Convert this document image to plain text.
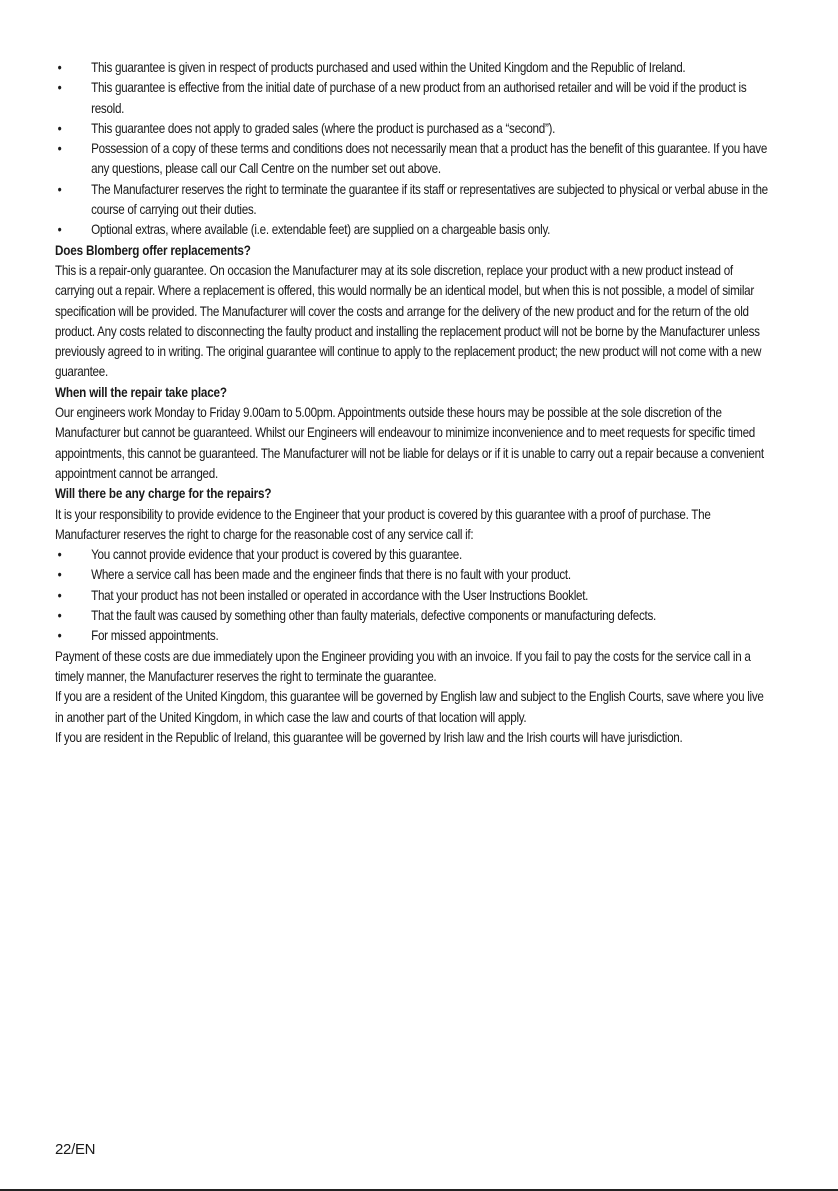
• This guarantee is given in respect of products purchased and used within the United Kingdom and the Republic of Ireland.
• This guarantee is effective from the initial date of purchase of a new product from an authorised retailer and will be void if the product is resold.
• This guarantee does not apply to graded sales (where the product is purchased as a “second”).
• Possession of a copy of these terms and conditions does not necessarily mean that a product has the benefit of this guarantee. If you have any questions, please call our Call Centre on the number set out above.
• The Manufacturer reserves the right to terminate the guarantee if its staff or representatives are subjected to physical or verbal abuse in the course of carrying out their duties.
• Optional extras, where available (i.e. extendable feet) are supplied on a chargeable basis only.
Does Blomberg offer replacements?

This is a repair-only guarantee. On occasion the Manufacturer may at its sole discretion, replace your product with a new product instead of carrying out a repair. Where a replacement is offered, this would normally be an identical model, but when this is not possible, a model of similar specification will be provided. The Manufacturer will cover the costs and arrange for the delivery of the new product and for the return of the old product. Any costs related to disconnecting the faulty product and installing the replacement product will not be borne by the Manufacturer unless previously agreed to in writing. The original guarantee will continue to apply to the replacement product; the new product will not come with a new guarantee.

When will the repair take place?

Our engineers work Monday to Friday 9.00am to 5.00pm. Appointments outside these hours may be possible at the sole discretion of the Manufacturer but cannot be guaranteed. Whilst our Engineers will endeavour to minimize inconvenience and to meet requests for specific timed appointments, this cannot be guaranteed. The Manufacturer will not be liable for delays or if it is unable to carry out a repair because a convenient appointment cannot be arranged.

Will there be any charge for the repairs?

It is your responsibility to provide evidence to the Engineer that your product is covered by this guarantee with a proof of purchase. The Manufacturer reserves the right to charge for the reasonable cost of any service call if:

• You cannot provide evidence that your product is covered by this guarantee.
• Where a service call has been made and the engineer finds that there is no fault with your product.
• That your product has not been installed or operated in accordance with the User Instructions Booklet.
• That the fault was caused by something other than faulty materials, defective components or manufacturing defects.
• For missed appointments.

Payment of these costs are due immediately upon the Engineer providing you with an invoice. If you fail to pay the costs for the service call in a timely manner, the Manufacturer reserves the right to terminate the guarantee.

If you are a resident of the United Kingdom, this guarantee will be governed by English law and subject to the English Courts, save where you live in another part of the United Kingdom, in which case the law and courts of that location will apply.

If you are resident in the Republic of Ireland, this guarantee will be governed by Irish law and the Irish courts will have jurisdiction.

22/EN
